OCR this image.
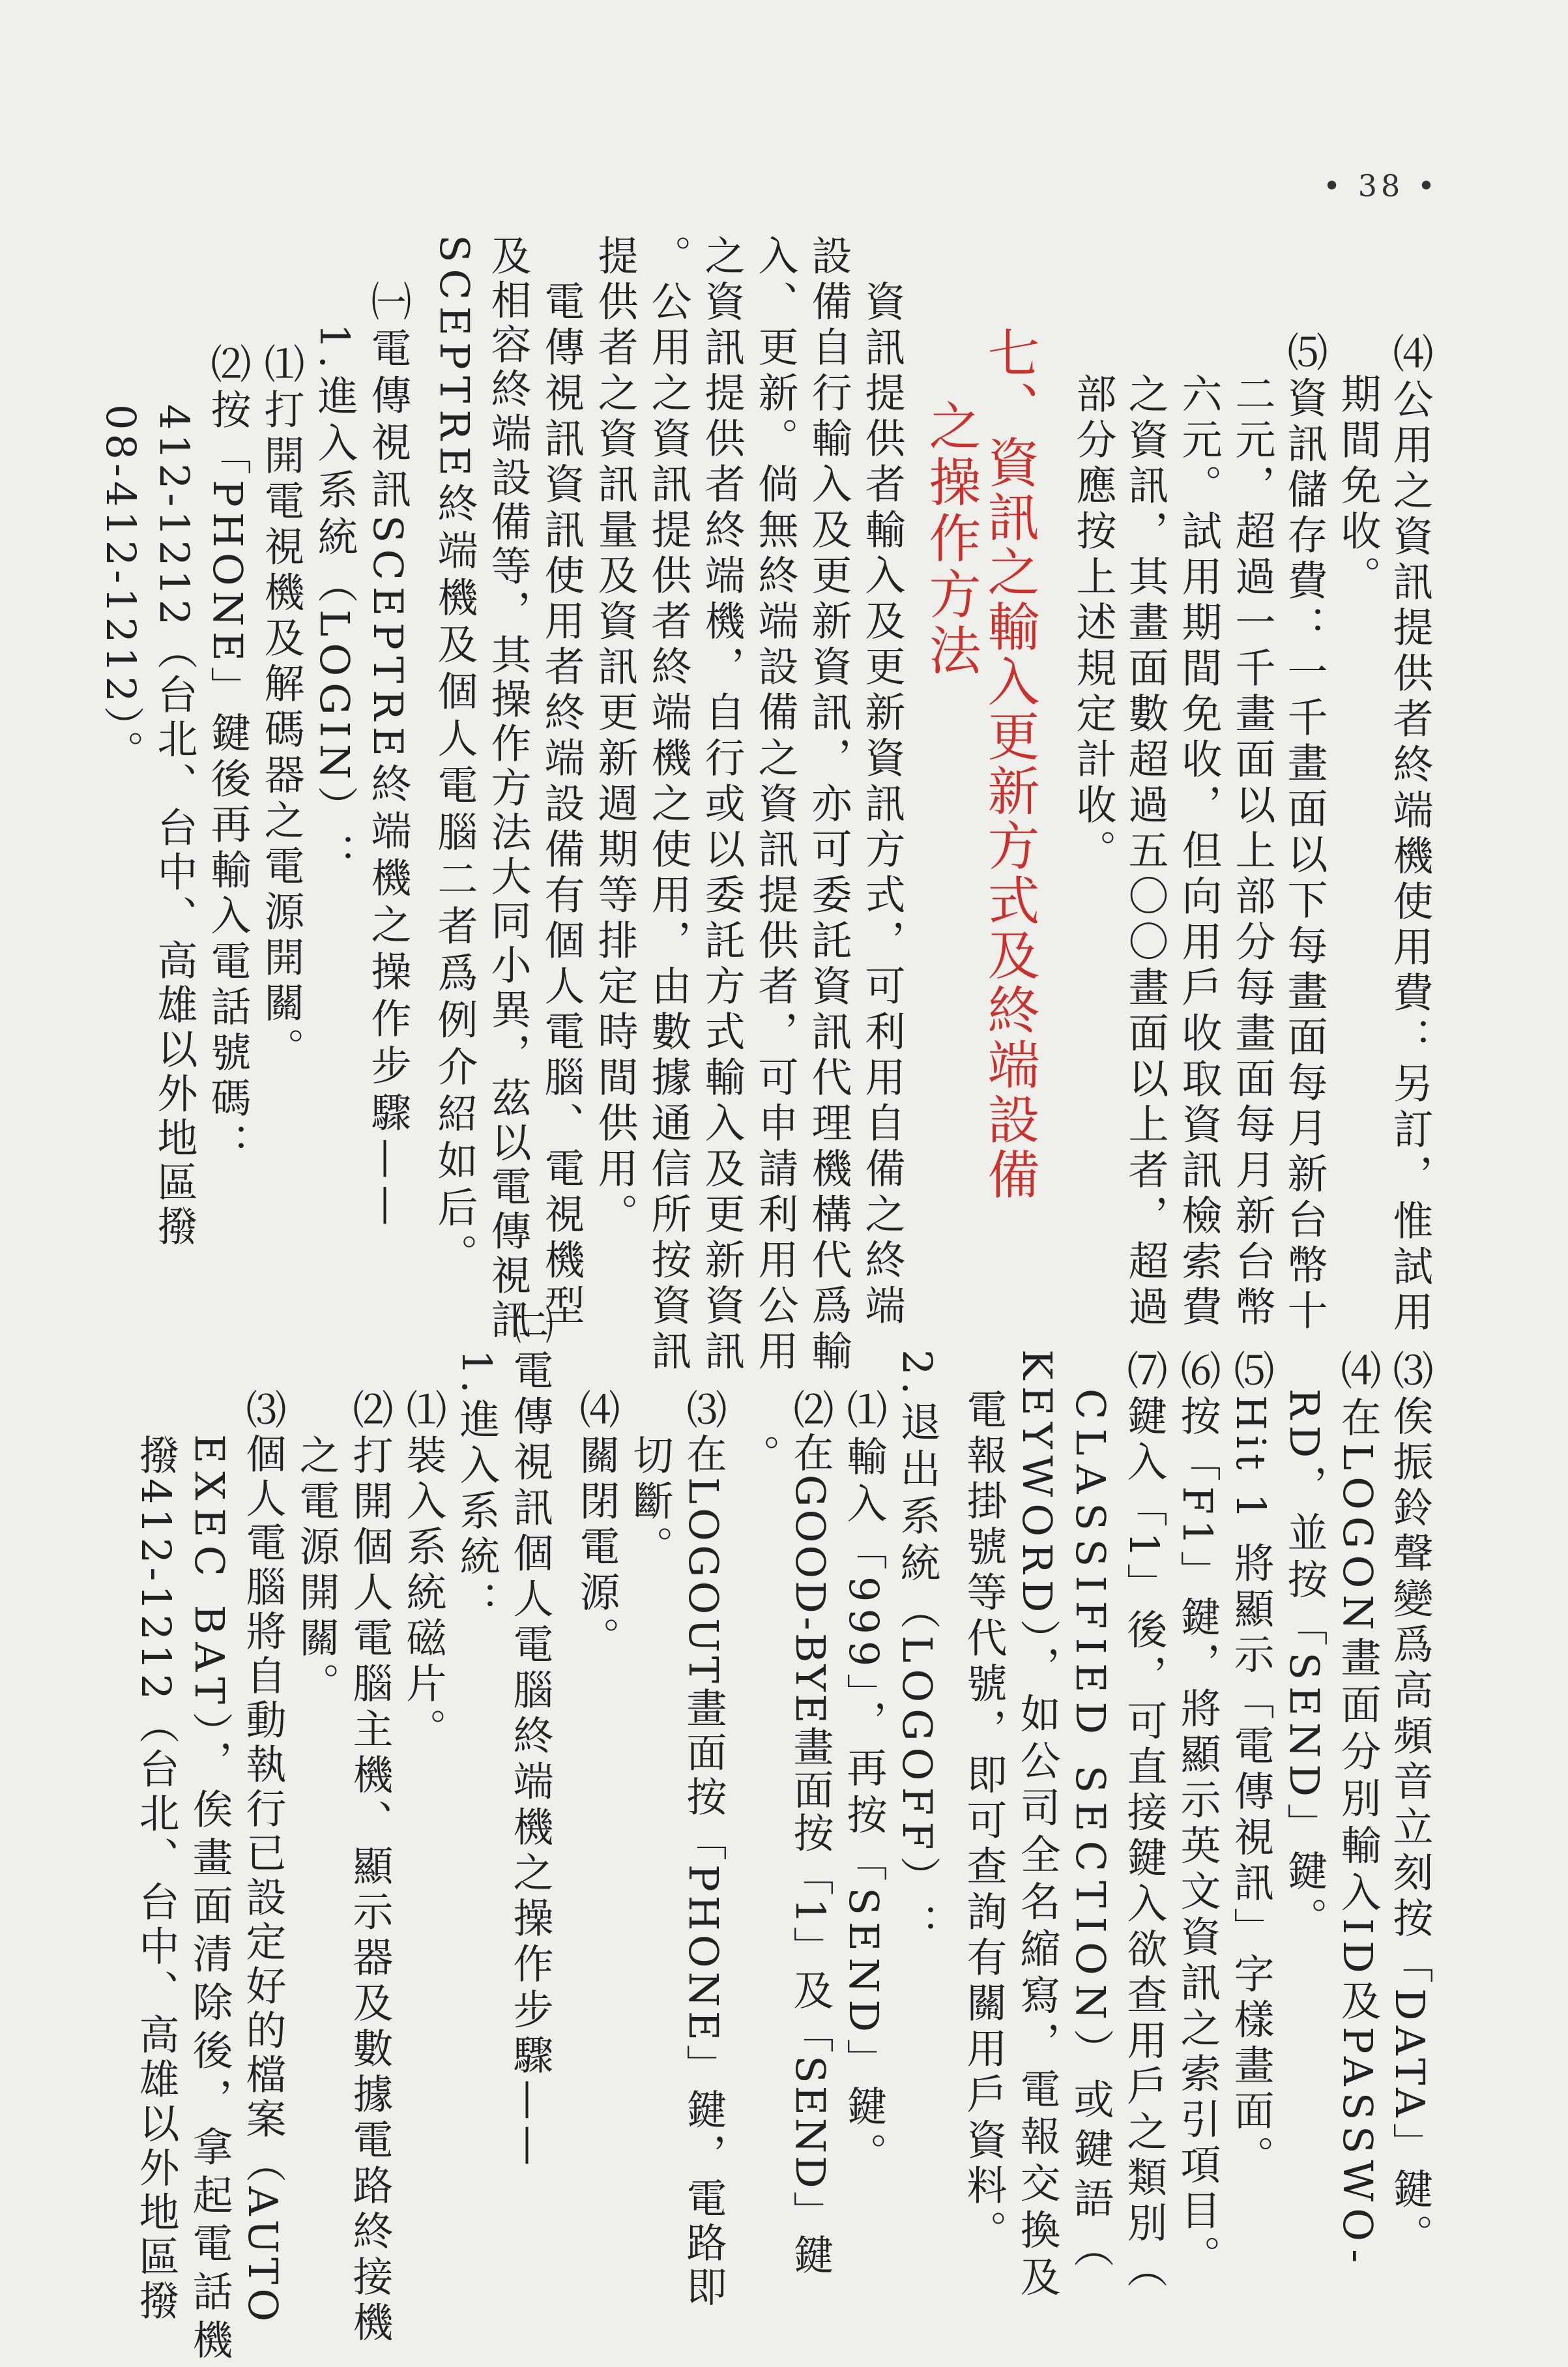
• 38 •
⑷公用之資訊提供者終端機使用費：另訂，惟試用
期間免收。
⑸資訊儲存費：一千畫面以下每畫面每月新台幣十
二元，超過一千畫面以上部分每畫面每月新台幣
六元。試用期間免收，但向用戶收取資訊檢索費
之資訊，其畫面數超過五〇〇畫面以上者，超過
部分應按上述規定計收。
七、資訊之輸入更新方式及終端設備
之操作方法
資訊提供者輸入及更新資訊方式，可利用自備之終端
設備自行輸入及更新資訊，亦可委託資訊代理機構代爲輸
入、更新。倘無終端設備之資訊提供者，可申請利用公用
之資訊提供者終端機，自行或以委託方式輸入及更新資訊
。公用之資訊提供者終端機之使用，由數據通信所按資訊
提供者之資訊量及資訊更新週期等排定時間供用。
電傳視訊資訊使用者終端設備有個人電腦、電視機型
及相容終端設備等，其操作方法大同小異，茲以電傳視訊
SCEPTRE終端機及個人電腦二者爲例介紹如后。
㈠電傳視訊SCEPTRE終端機之操作步驟——
1.進入系統（LOGIN）：
⑴打開電視機及解碼器之電源開關。
⑵按「PHONE」鍵後再輸入電話號碼：
412-1212（台北、台中、高雄以外地區撥
08-412-1212）。
⑶俟振鈴聲變爲高頻音立刻按「DATA」鍵。
⑷在LOGON畫面分別輸入ID及PASSWO-
RD，並按「SEND」鍵。
⑸Hit 1 將顯示「電傳視訊」字樣畫面。
⑹按「F1」鍵，將顯示英文資訊之索引項目。
⑺鍵入「1」後，可直接鍵入欲查用戶之類別（
CLASSIFIED SECTION）或鍵語（
KEYWORD），如公司全名縮寫，電報交換及
電報掛號等代號，即可查詢有關用戶資料。
2.退出系統（LOGOFF）：
⑴輸入「999」，再按「SEND」鍵。
⑵在GOOD-BYE畫面按「1」及「SEND」鍵
。
⑶在LOGOUT畫面按「PHONE」鍵，電路即
切斷。
⑷關閉電源。
㈡電傳視訊個人電腦終端機之操作步驟——
1.進入系統：
⑴裝入系統磁片。
⑵打開個人電腦主機、顯示器及數據電路終接機
之電源開關。
⑶個人電腦將自動執行已設定好的檔案（AUTO
EXEC BAT），俟畫面清除後，拿起電話機
撥412-1212（台北、台中、高雄以外地區撥
